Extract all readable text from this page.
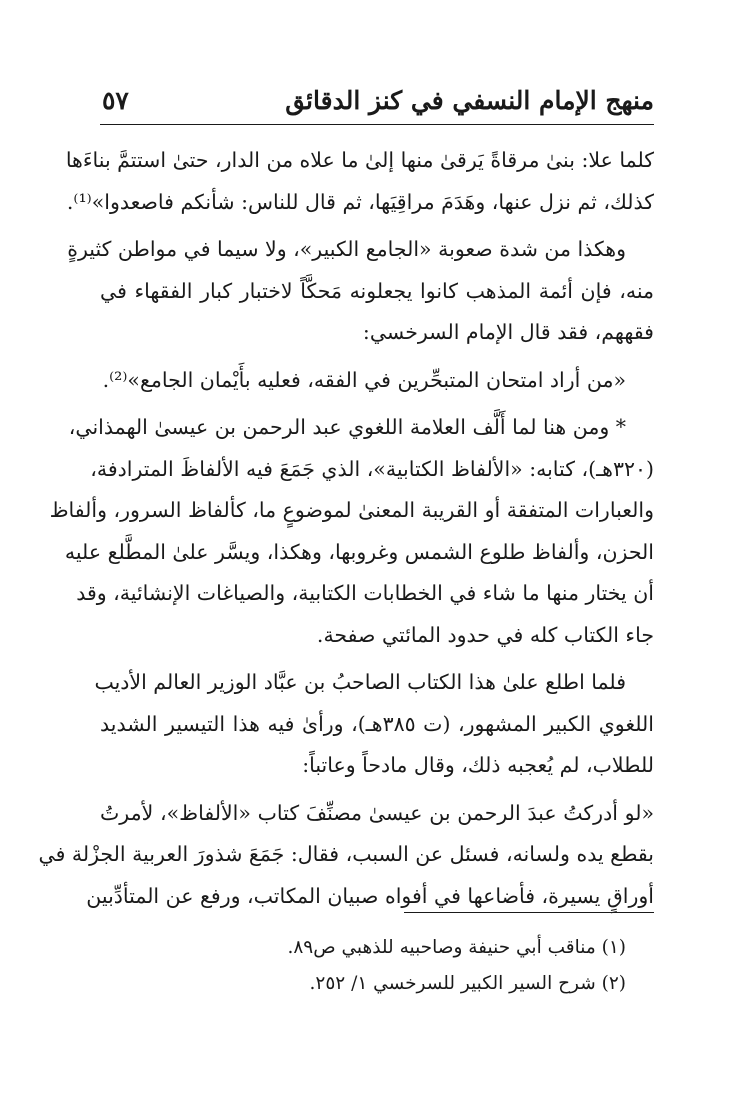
منهج الإمام النسفي في كنز الدقائق
٥٧
كلما علا: بنىٰ مرقاةً يَرقىٰ منها إلىٰ ما علاه من الدار، حتىٰ استتمَّ بناءَها
كذلك، ثم نزل عنها، وهَدَمَ مراقِيَها، ثم قال للناس: شأنكم فاصعدوا»⁽¹⁾.
وهكذا من شدة صعوبة «الجامع الكبير»، ولا سيما في مواطن كثيرةٍ
منه، فإن أئمة المذهب كانوا يجعلونه مَحكَّاً لاختبار كبار الفقهاء في
فقههم، فقد قال الإمام السرخسي:
«من أراد امتحان المتبحِّرين في الفقه، فعليه بأَيْمان الجامع»⁽²⁾.
* ومن هنا لما أَلَّف العلامة اللغوي عبد الرحمن بن عيسىٰ الهمذاني،
(٣٢٠هـ)، كتابه: «الألفاظ الكتابية»، الذي جَمَعَ فيه الألفاظَ المترادفة،
والعبارات المتفقة أو القريبة المعنىٰ لموضوعٍ ما، كألفاظ السرور، وألفاظ
الحزن، وألفاظ طلوع الشمس وغروبها، وهكذا، ويسَّر علىٰ المطَّلع عليه
أن يختار منها ما شاء في الخطابات الكتابية، والصياغات الإنشائية، وقد
جاء الكتاب كله في حدود المائتي صفحة.
فلما اطلع علىٰ هذا الكتاب الصاحبُ بن عبَّاد الوزير العالم الأديب
اللغوي الكبير المشهور، (ت ٣٨٥هـ)، ورأىٰ فيه هذا التيسير الشديد
للطلاب، لم يُعجبه ذلك، وقال مادحاً وعاتباً:
«لو أدركتُ عبدَ الرحمن بن عيسىٰ مصنِّفَ كتاب «الألفاظ»، لأمرتُ
بقطع يده ولسانه، فسئل عن السبب، فقال: جَمَعَ شذورَ العربية الجزْلة في
أوراقٍ يسيرة، فأضاعها في أفواه صبيان المكاتب، ورفع عن المتأدِّبين
(١) مناقب أبي حنيفة وصاحبيه للذهبي ص٨٩.
(٢) شرح السير الكبير للسرخسي ١/ ٢٥٢.
